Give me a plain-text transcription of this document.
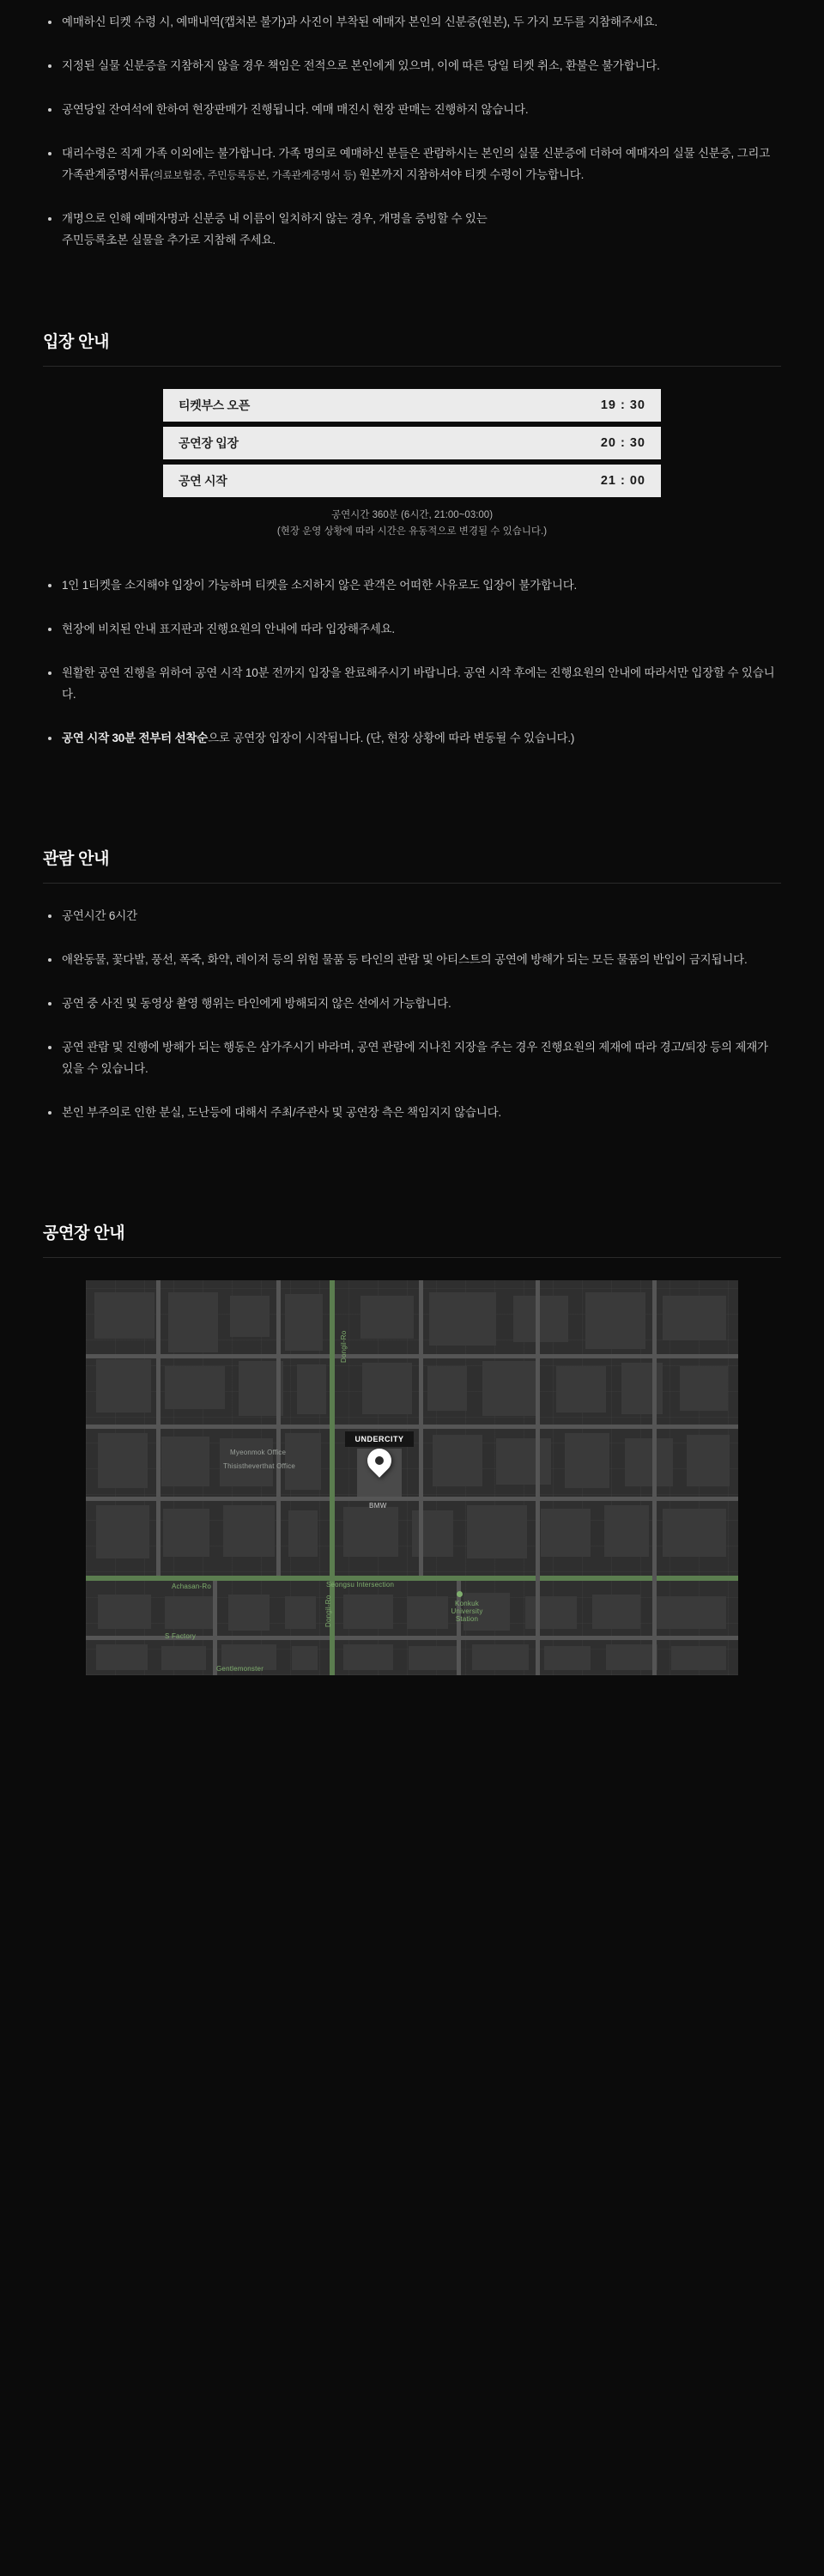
예매하신 티켓 수령 시, 예매내역(캡쳐본 불가)과 사진이 부착된 예매자 본인의 신분증(원본), 두 가지 모두를 지참해주세요.
지정된 실물 신분증을 지참하지 않을 경우 책임은 전적으로 본인에게 있으며, 이에 따른 당일 티켓 취소, 환불은 불가합니다.
공연당일 잔여석에 한하여 현장판매가 진행됩니다. 예매 매진시 현장 판매는 진행하지 않습니다.
대리수령은 직계 가족 이외에는 불가합니다. 가족 명의로 예매하신 분들은 관람하시는 본인의 실물 신분증에 더하여 예매자의 실물 신분증, 그리고 가족관계증명서류(의료보험증, 주민등록등본, 가족관계증명서 등) 원본까지 지참하셔야 티켓 수령이 가능합니다.
개명으로 인해 예매자명과 신분증 내 이름이 일치하지 않는 경우, 개명을 증빙할 수 있는
주민등록초본 실물을 추가로 지참해 주세요.
입장 안내
티켓부스 오픈	19 : 30
공연장 입장	20 : 30
공연 시작	21 : 00
공연시간 360분 (6시간, 21:00~03:00)
(현장 운영 상황에 따라 시간은 유동적으로 변경될 수 있습니다.)
1인 1티켓을 소지해야 입장이 가능하며 티켓을 소지하지 않은 관객은 어떠한 사유로도 입장이 불가합니다.
현장에 비치된 안내 표지판과 진행요원의 안내에 따라 입장해주세요.
원활한 공연 진행을 위하여 공연 시작 10분 전까지 입장을 완료해주시기 바랍니다. 공연 시작 후에는 진행요원의 안내에 따라서만 입장할 수 있습니다.
공연 시작 30분 전부터 선착순으로 공연장 입장이 시작됩니다. (단, 현장 상황에 따라 변동될 수 있습니다.)
관람 안내
공연시간 6시간
애완동물, 꽃다발, 풍선, 폭죽, 화약, 레이저 등의 위험 물품 등 타인의 관람 및 아티스트의 공연에 방해가 되는 모든 물품의 반입이 금지됩니다.
공연 중 사진 및 동영상 촬영 행위는 타인에게 방해되지 않은 선에서 가능합니다.
공연 관람 및 진행에 방해가 되는 행동은 삼가주시기 바라며, 공연 관람에 지나친 지장을 주는 경우 진행요원의 제재에 따라 경고/퇴장 등의 제재가 있을 수 있습니다.
본인 부주의로 인한 분실, 도난등에 대해서 주최/주관사 및 공연장 측은 책임지지 않습니다.
공연장 안내
UNDERCITY
BMW
Myeonmok Office
Thisistheverthat Office
Achasan-Ro	Seongsu Intersection
Konkuk University Station
S Factory
Gentlemonster
Dongil-Ro
Dongil-Ro
